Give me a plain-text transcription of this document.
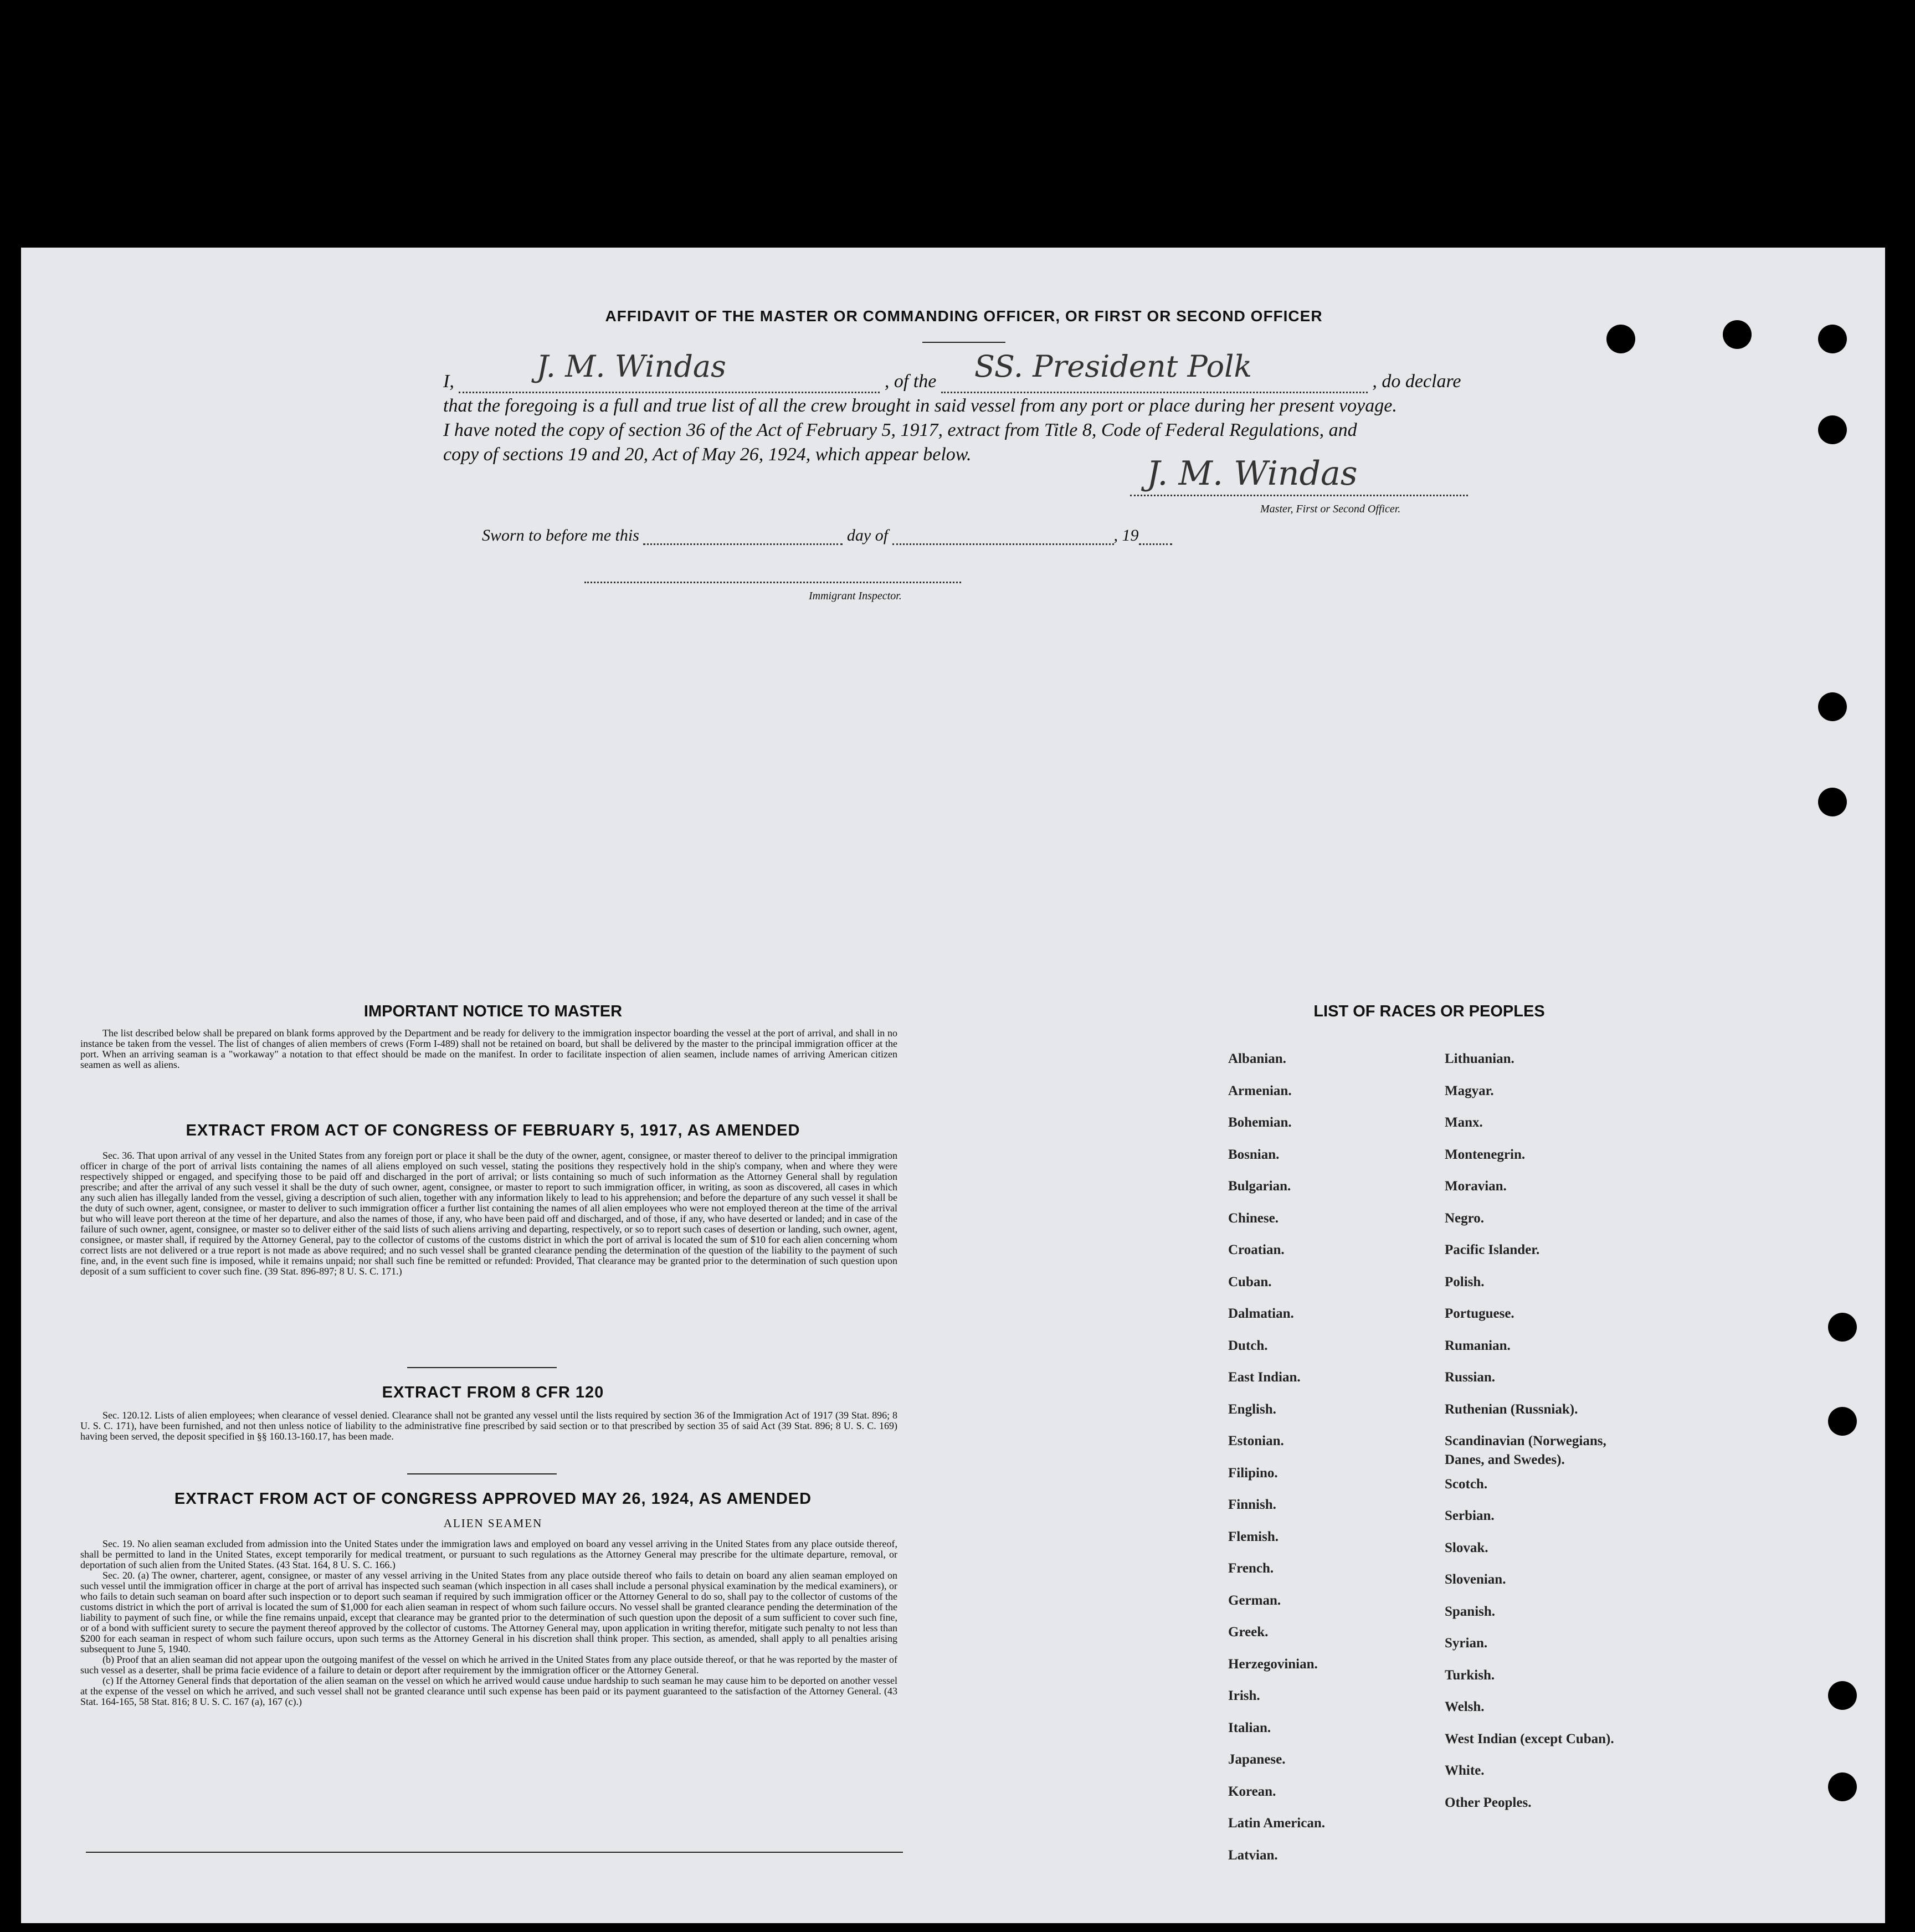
AFFIDAVIT OF THE MASTER OR COMMANDING OFFICER, OR FIRST OR SECOND OFFICER
I,	J. M. Windas	, of the SS. President Polk	, do declare
that the foregoing is a full and true list of all the crew brought in said vessel from any port or place during her present voyage.
I have noted the copy of section 36 of the Act of February 5, 1917, extract from Title 8, Code of Federal Regulations, and
copy of sections 19 and 20, Act of May 26, 1924, which appear below.	J. M. Windas
Master, First or Second Officer.
Sworn to before me this	day of	, 19
Immigrant Inspector.
IMPORTANT NOTICE TO MASTER

The list described below shall be prepared on blank forms approved by the Department and be ready for delivery to the immigration inspector boarding the vessel at the port of arrival, and shall in no instance be taken from the vessel. The list of changes of alien members of crews (Form I-489) shall not be retained on board, but shall be delivered by the master to the principal immigration officer at the port. When an arriving seaman is a "workaway" a notation to that effect should be made on the manifest. In order to facilitate inspection of alien seamen, include names of arriving American citizen seamen as well as aliens.

EXTRACT FROM ACT OF CONGRESS OF FEBRUARY 5, 1917, AS AMENDED

Sec. 36. That upon arrival of any vessel in the United States from any foreign port or place it shall be the duty of the owner, agent, consignee, or master thereof to deliver to the principal immigration officer in charge of the port of arrival lists containing the names of all aliens employed on such vessel, stating the positions they respectively hold in the ship's company, when and where they were respectively shipped or engaged, and specifying those to be paid off and discharged in the port of arrival; or lists containing so much of such information as the Attorney General shall by regulation prescribe; and after the arrival of any such vessel it shall be the duty of such owner, agent, consignee, or master to report to such immigration officer, in writing, as soon as discovered, all cases in which any such alien has illegally landed from the vessel, giving a description of such alien, together with any information likely to lead to his apprehension; and before the departure of any such vessel it shall be the duty of such owner, agent, consignee, or master to deliver to such immigration officer a further list containing the names of all alien employees who were not employed thereon at the time of the arrival but who will leave port thereon at the time of her departure, and also the names of those, if any, who have been paid off and discharged, and of those, if any, who have deserted or landed; and in case of the failure of such owner, agent, consignee, or master so to deliver either of the said lists of such aliens arriving and departing, respectively, or so to report such cases of desertion or landing, such owner, agent, consignee, or master shall, if required by the Attorney General, pay to the collector of customs of the customs district in which the port of arrival is located the sum of $10 for each alien concerning whom correct lists are not delivered or a true report is not made as above required; and no such vessel shall be granted clearance pending the determination of the question of the liability to the payment of such fine, and, in the event such fine is imposed, while it remains unpaid; nor shall such fine be remitted or refunded: Provided, That clearance may be granted prior to the determination of such question upon deposit of a sum sufficient to cover such fine. (39 Stat. 896-897; 8 U. S. C. 171.)

EXTRACT FROM 8 CFR 120

Sec. 120.12. Lists of alien employees; when clearance of vessel denied. Clearance shall not be granted any vessel until the lists required by section 36 of the Immigration Act of 1917 (39 Stat. 896; 8 U. S. C. 171), have been furnished, and not then unless notice of liability to the administrative fine prescribed by said section or to that prescribed by section 35 of said Act (39 Stat. 896; 8 U. S. C. 169) having been served, the deposit specified in §§ 160.13-160.17, has been made.

EXTRACT FROM ACT OF CONGRESS APPROVED MAY 26, 1924, AS AMENDED
ALIEN SEAMEN

Sec. 19. No alien seaman excluded from admission into the United States under the immigration laws and employed on board any vessel arriving in the United States from any place outside thereof, shall be permitted to land in the United States, except temporarily for medical treatment, or pursuant to such regulations as the Attorney General may prescribe for the ultimate departure, removal, or deportation of such alien from the United States. (43 Stat. 164, 8 U. S. C. 166.)

Sec. 20. (a) The owner, charterer, agent, consignee, or master of any vessel arriving in the United States from any place outside thereof who fails to detain on board any alien seaman employed on such vessel until the immigration officer in charge at the port of arrival has inspected such seaman (which inspection in all cases shall include a personal physical examination by the medical examiners), or who fails to detain such seaman on board after such inspection or to deport such seaman if required by such immigration officer or the Attorney General to do so, shall pay to the collector of customs of the customs district in which the port of arrival is located the sum of $1,000 for each alien seaman in respect of whom such failure occurs. No vessel shall be granted clearance pending the determination of the liability to payment of such fine, or while the fine remains unpaid, except that clearance may be granted prior to the determination of such question upon the deposit of a sum sufficient to cover such fine, or of a bond with sufficient surety to secure the payment thereof approved by the collector of customs. The Attorney General may, upon application in writing therefor, mitigate such penalty to not less than $200 for each seaman in respect of whom such failure occurs, upon such terms as the Attorney General in his discretion shall think proper. This section, as amended, shall apply to all penalties arising subsequent to June 5, 1940.

(b) Proof that an alien seaman did not appear upon the outgoing manifest of the vessel on which he arrived in the United States from any place outside thereof, or that he was reported by the master of such vessel as a deserter, shall be prima facie evidence of a failure to detain or deport after requirement by the immigration officer or the Attorney General.

(c) If the Attorney General finds that deportation of the alien seaman on the vessel on which he arrived would cause undue hardship to such seaman he may cause him to be deported on another vessel at the expense of the vessel on which he arrived, and such vessel shall not be granted clearance until such expense has been paid or its payment guaranteed to the satisfaction of the Attorney General. (43 Stat. 164-165, 58 Stat. 816; 8 U. S. C. 167 (a), 167 (c).)

LIST OF RACES OR PEOPLES
Albanian.
Armenian.
Bohemian.
Bosnian.
Bulgarian.
Chinese.
Croatian.
Cuban.
Dalmatian.
Dutch.
East Indian.
English.
Estonian.
Filipino.
Finnish.
Flemish.
French.
German.
Greek.
Herzegovinian.
Irish.
Italian.
Japanese.
Korean.
Latin American.
Latvian.
Lithuanian.
Magyar.
Manx.
Montenegrin.
Moravian.
Negro.
Pacific Islander.
Polish.
Portuguese.
Rumanian.
Russian.
Ruthenian (Russniak).
Scandinavian (Norwegians,
Danes, and Swedes).
Scotch.
Serbian.
Slovak.
Slovenian.
Spanish.
Syrian.
Turkish.
Welsh.
West Indian (except Cuban).
White.
Other Peoples.
